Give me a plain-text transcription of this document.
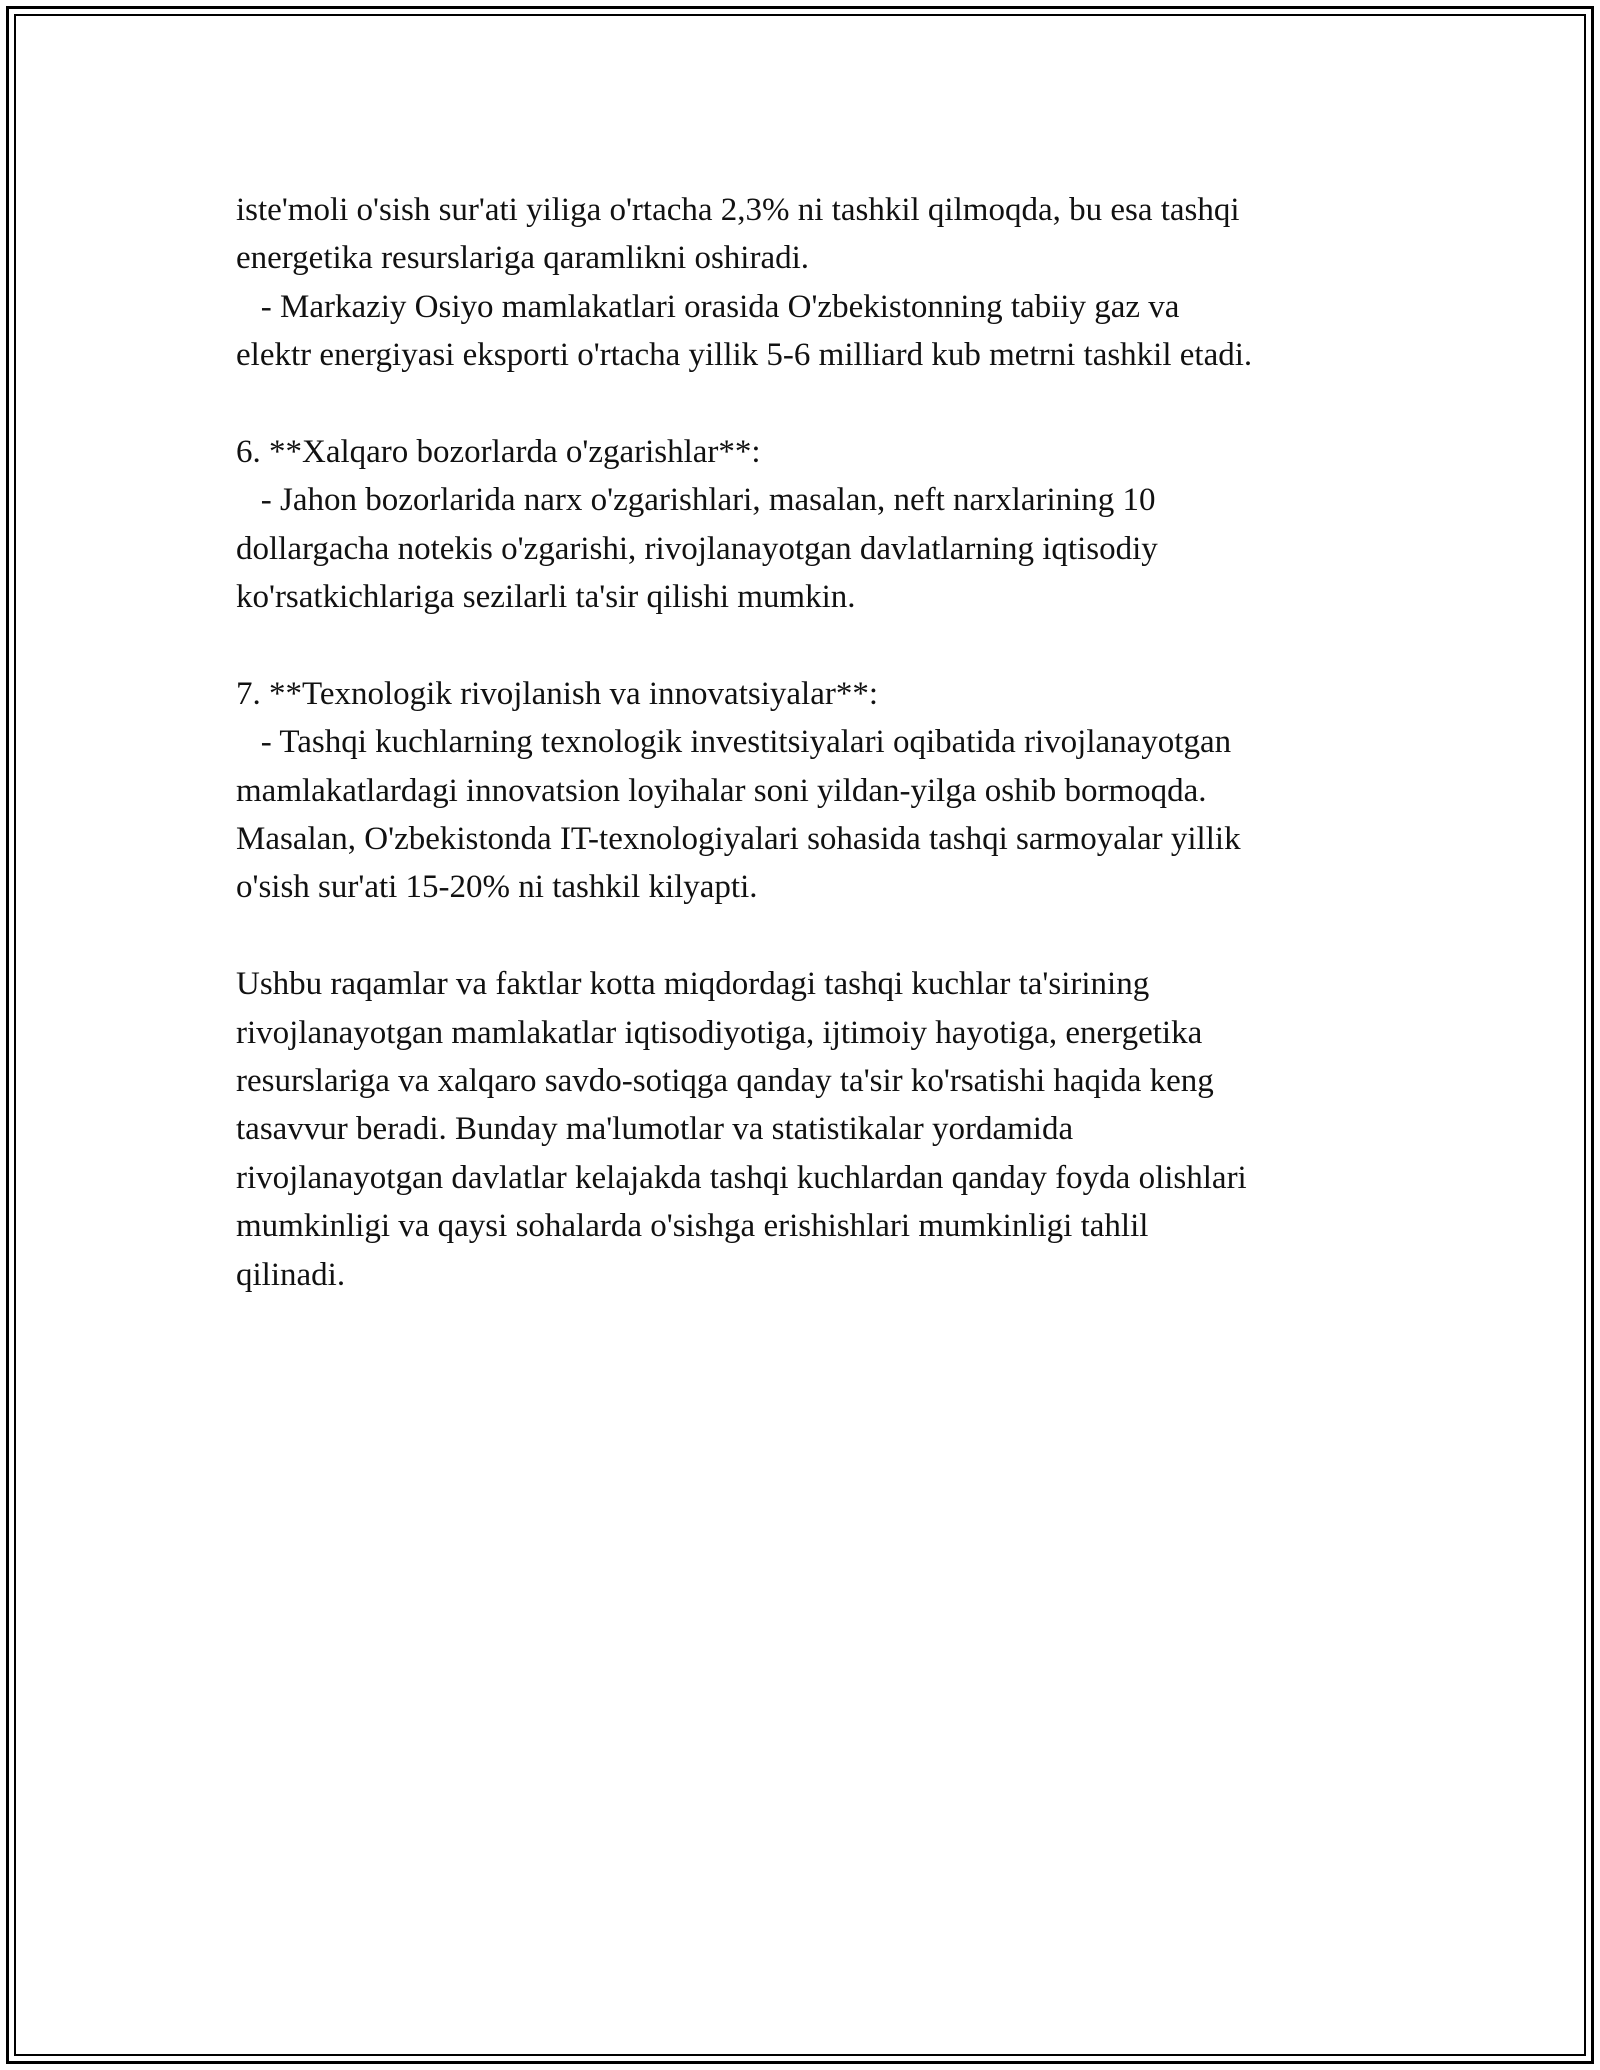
iste'moli o'sish sur'ati yiliga o'rtacha 2,3% ni tashkil qilmoqda, bu esa tashqi
energetika resurslariga qaramlikni oshiradi.
- Markaziy Osiyo mamlakatlari orasida O'zbekistonning tabiiy gaz va
elektr energiyasi eksporti o'rtacha yillik 5-6 milliard kub metrni tashkil etadi.
6. **Xalqaro bozorlarda o'zgarishlar**:
- Jahon bozorlarida narx o'zgarishlari, masalan, neft narxlarining 10
dollargacha notekis o'zgarishi, rivojlanayotgan davlatlarning iqtisodiy
ko'rsatkichlariga sezilarli ta'sir qilishi mumkin.
7. **Texnologik rivojlanish va innovatsiyalar**:
- Tashqi kuchlarning texnologik investitsiyalari oqibatida rivojlanayotgan
mamlakatlardagi innovatsion loyihalar soni yildan-yilga oshib bormoqda.
Masalan, O'zbekistonda IT-texnologiyalari sohasida tashqi sarmoyalar yillik
o'sish sur'ati 15-20% ni tashkil kilyapti.
Ushbu raqamlar va faktlar kotta miqdordagi tashqi kuchlar ta'sirining
rivojlanayotgan mamlakatlar iqtisodiyotiga, ijtimoiy hayotiga, energetika
resurslariga va xalqaro savdo-sotiqga qanday ta'sir ko'rsatishi haqida keng
tasavvur beradi. Bunday ma'lumotlar va statistikalar yordamida
rivojlanayotgan davlatlar kelajakda tashqi kuchlardan qanday foyda olishlari
mumkinligi va qaysi sohalarda o'sishga erishishlari mumkinligi tahlil
qilinadi.
